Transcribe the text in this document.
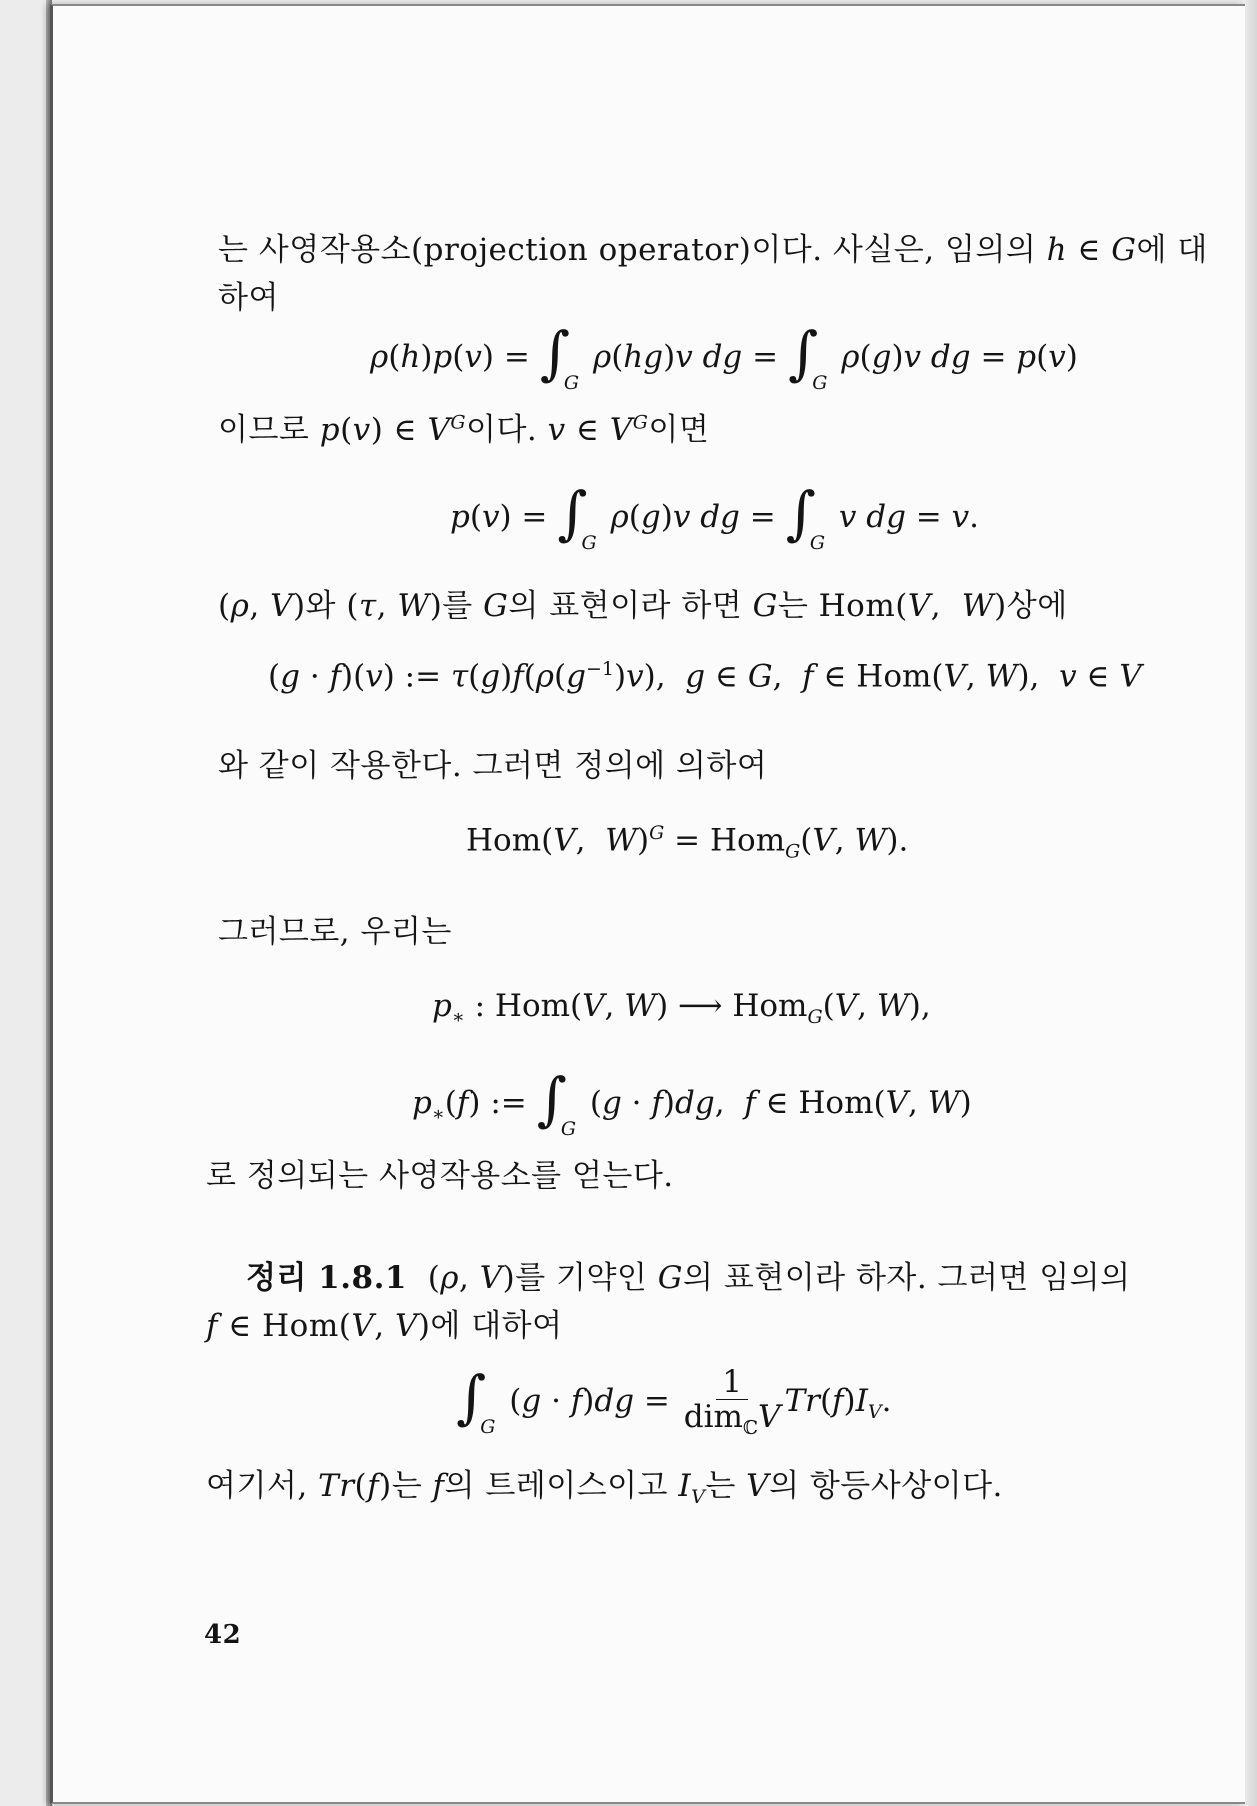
는 사영작용소(projection operator)이다. 사실은, 임의의 h ∈ G에 대
하여
$\rho(h)p(v) = \int_G$ ρ(hg)v dg = $\int_G$ ρ(g)v dg = p(v)
이므로 p(v) ∈ $V^G$이다. v ∈ $V^G$이면
$p(v) = \int_G$ ρ(g)v dg = $\int_G$ v dg = v.
(ρ, V)와 (τ, W)를 G의 표현이라 하면 G는 Hom(V,  W)상에
(g · f)(v) := $\tau(g)f(\rho(g^{-1})v)$,  g ∈ G,  f ∈ Hom(V, W),  v ∈ V
와 같이 작용한다. 그러면 정의에 의하여
Hom(V,  W)$^G$ = Hom$_G$(V, W).
그러므로, 우리는
$p_∗$ : Hom(V, W) ⟶ Hom$_G$(V, W),
$p_∗(f)$ := $\int_G$ (g · f)dg,  f ∈ Hom(V, W)
로 정의되는 사영작용소를 얻는다.
정리 1.8.1  (ρ, V)를 기약인 G의 표현이라 하자. 그러면 임의의
f ∈ Hom(V, V)에 대하여
$\int_G$ $(g \cdot f)dg = \frac{1}{dim_ℂV} Tr(f)I_V$.
여기서, Tr(f)는 f의 트레이스이고 $I_V$는 V의 항등사상이다.
42
